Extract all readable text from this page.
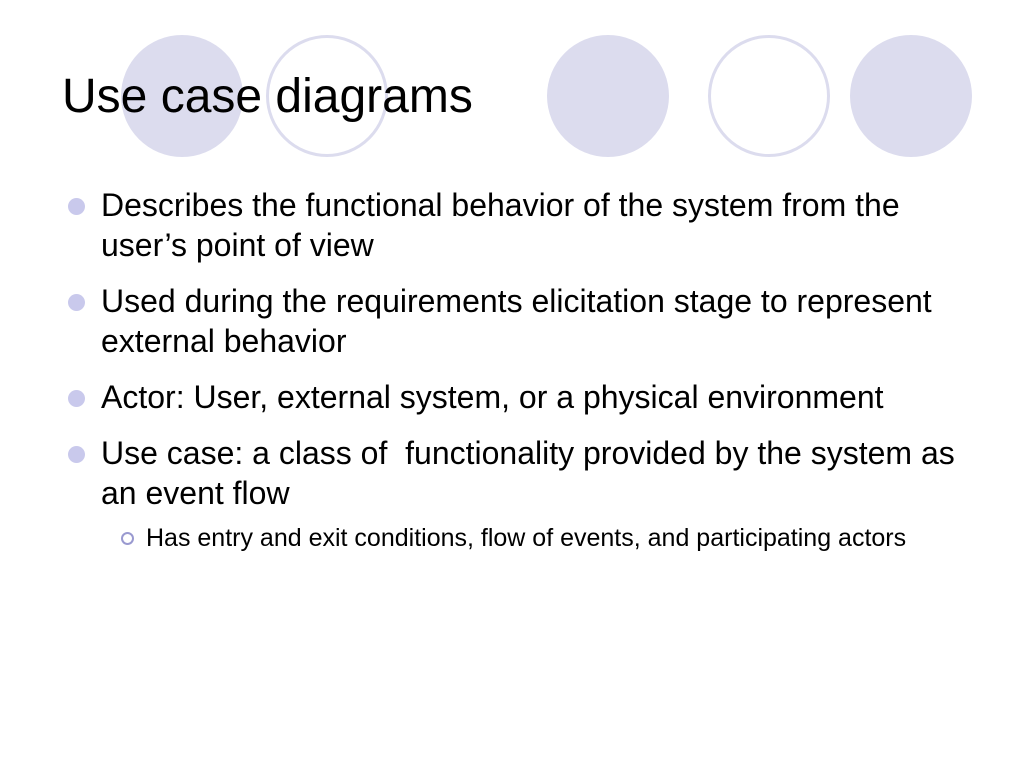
Use case diagrams
Describes the functional behavior of the system from the user’s point of view
Used during the requirements elicitation stage to represent external behavior
Actor: User, external system, or a physical environment
Use case: a class of  functionality provided by the system as an event flow
Has entry and exit conditions, flow of events, and participating actors
